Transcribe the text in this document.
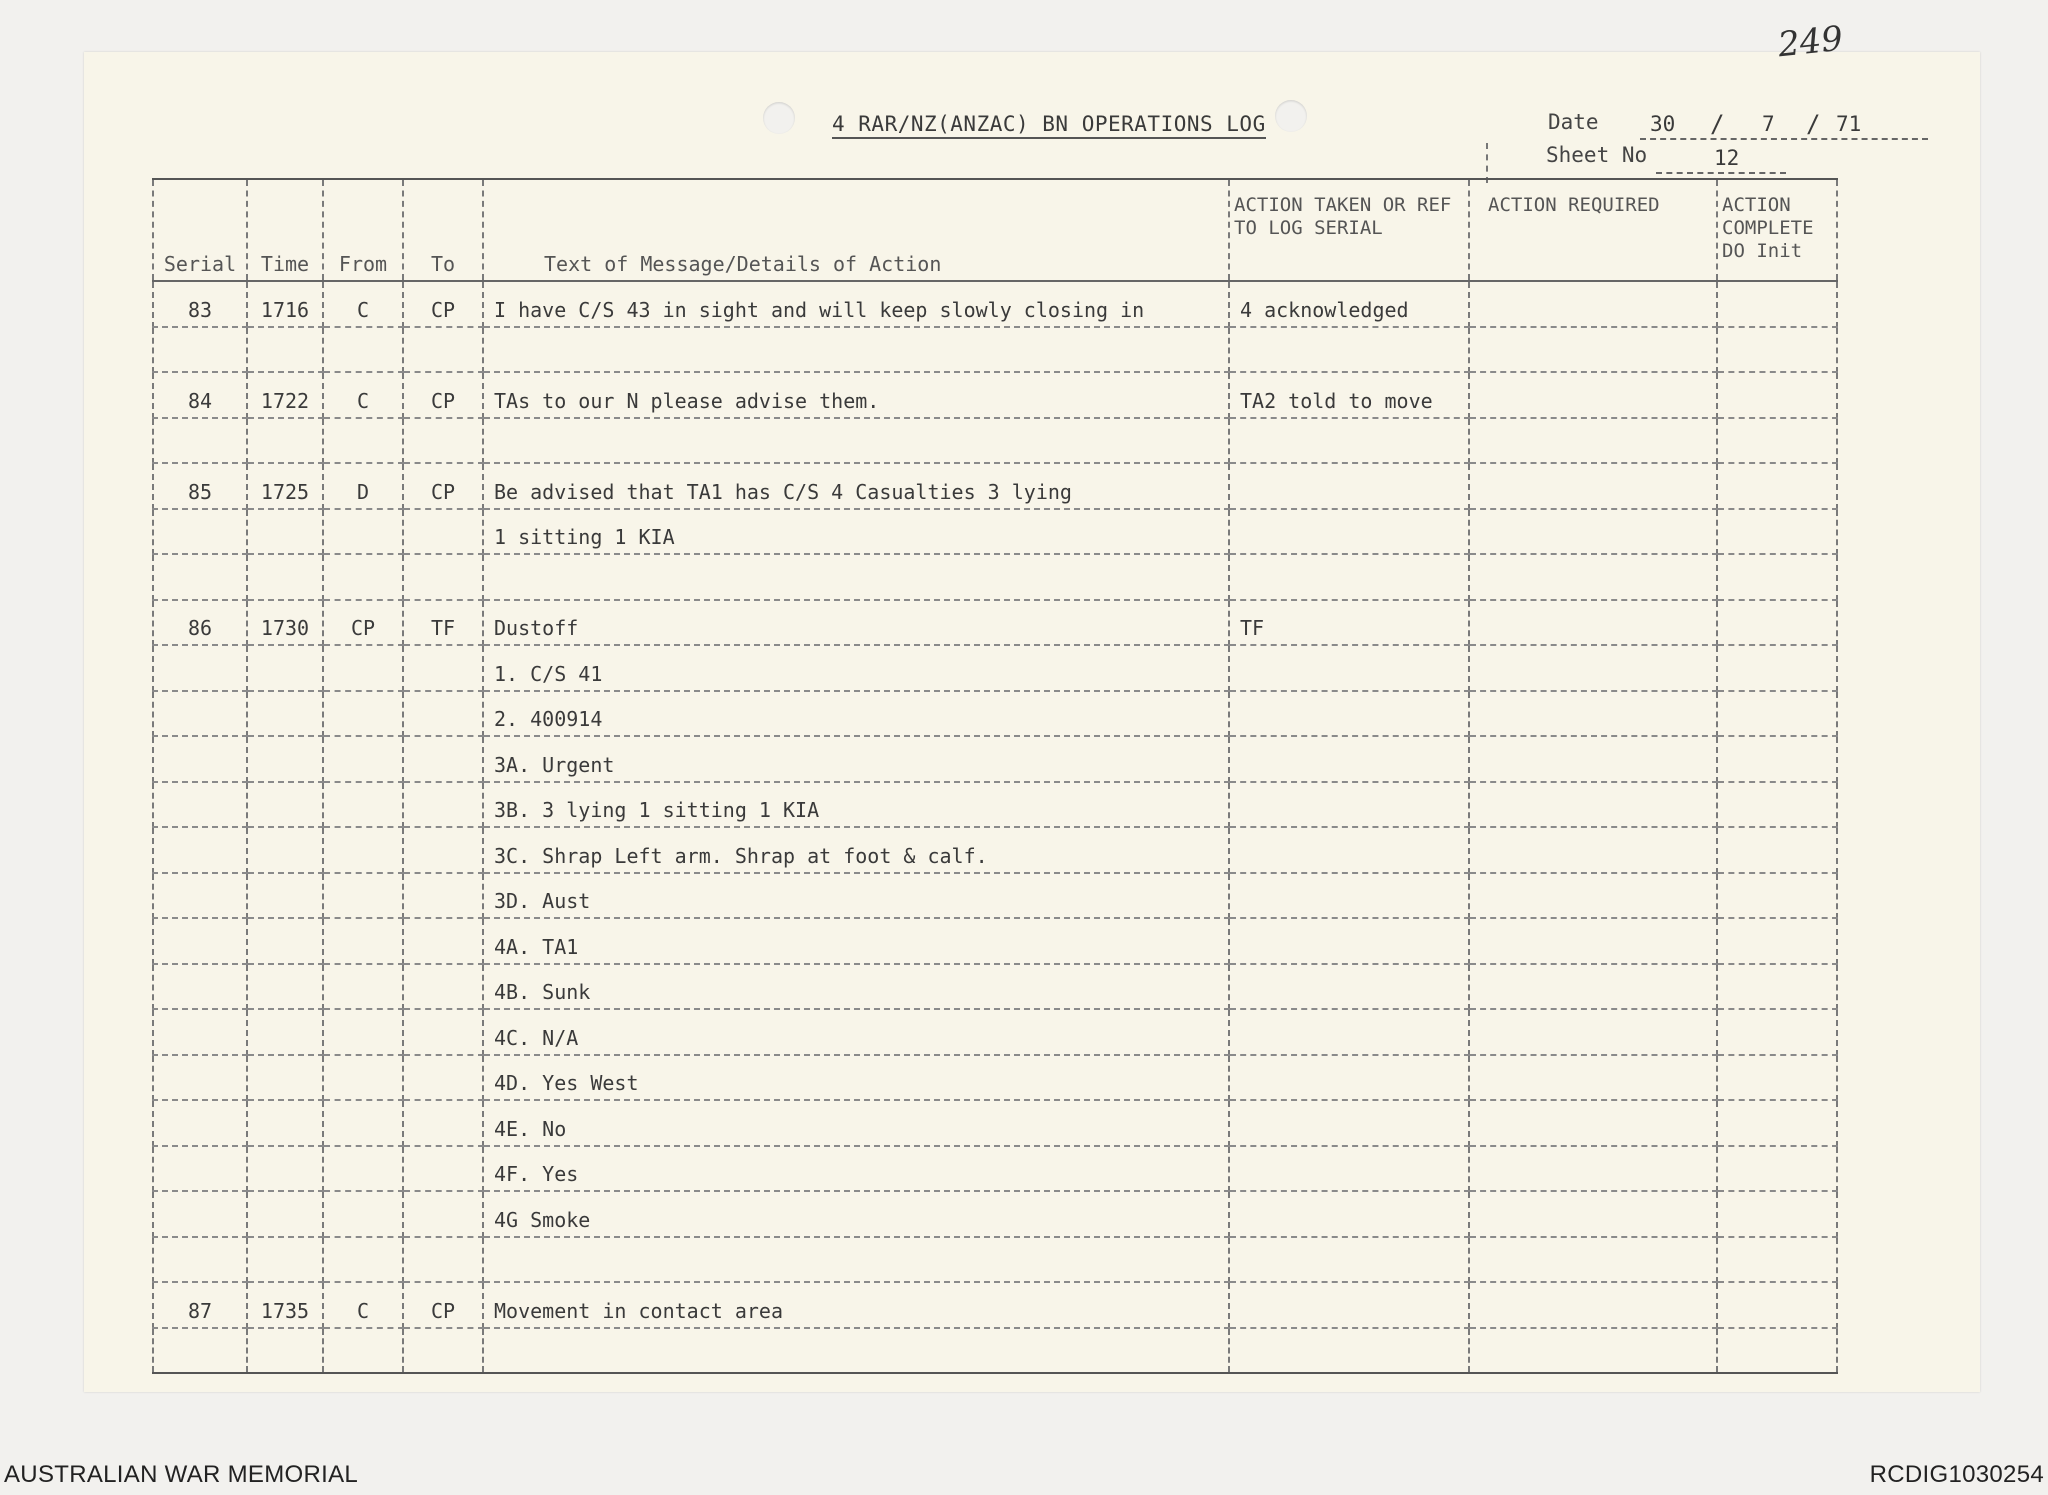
249
4 RAR/NZ(ANZAC) BN OPERATIONS LOG	Date 30 / 7 / 71
Sheet No	12
Serial	Time	From	To	Text of Message/Details of Action	ACTION TAKEN OR REF TO LOG SERIAL	ACTION REQUIRED	ACTION COMPLETE DO Init
83	1716	C	CP	I have C/S 43 in sight and will keep slowly closing in	4 acknowledged		

84	1722	C	CP	TAs to our N please advise them.	TA2 told to move		

85	1725	D	CP	Be advised that TA1 has C/S 4 Casualties 3 lying			
				1 sitting 1 KIA			

86	1730	CP	TF	Dustoff	TF		
				1. C/S 41			
				2. 400914			
				3A. Urgent			
				3B. 3 lying 1 sitting 1 KIA			
				3C. Shrap Left arm. Shrap at foot & calf.			
				3D. Aust			
				4A. TA1			
				4B. Sunk			
				4C. N/A			
				4D. Yes West			
				4E. No			
				4F. Yes			
				4G Smoke			

87	1735	C	CP	Movement in contact area			

AUSTRALIAN WAR MEMORIAL	RCDIG1030254
